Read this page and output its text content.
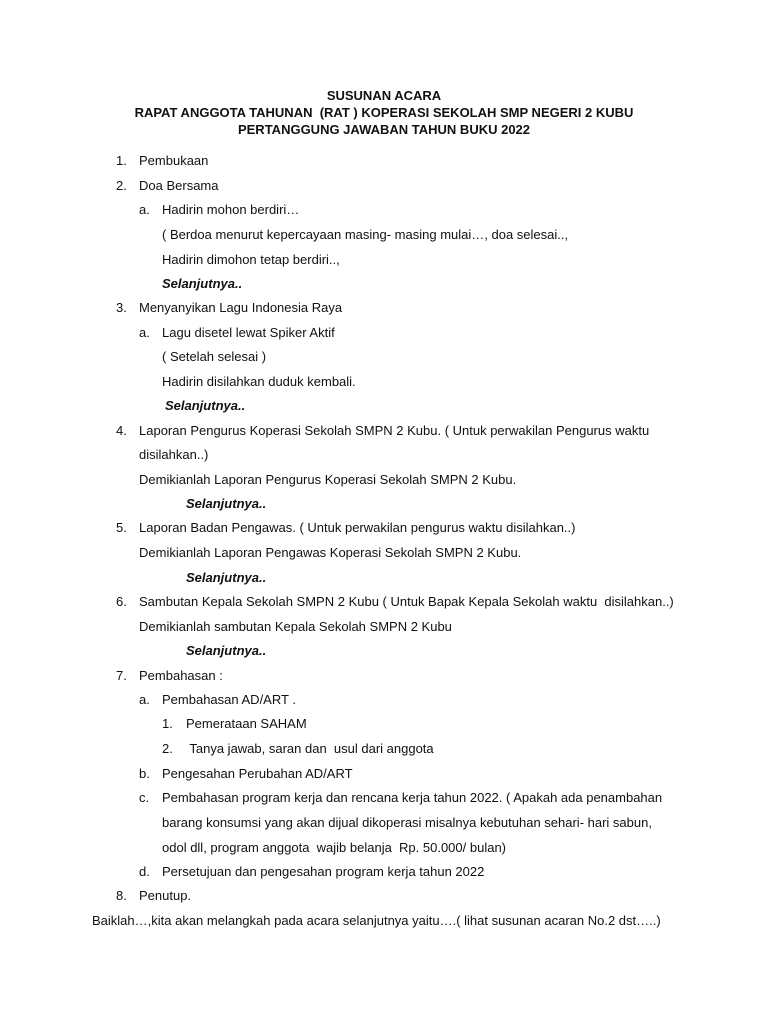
SUSUNAN ACARA
RAPAT ANGGOTA TAHUNAN  (RAT ) KOPERASI SEKOLAH SMP NEGERI 2 KUBU
PERTANGGUNG JAWABAN TAHUN BUKU 2022
1. Pembukaan
2. Doa Bersama
a. Hadirin mohon berdiri…
( Berdoa menurut kepercayaan masing- masing mulai…, doa selesai..,
Hadirin dimohon tetap berdiri..,
Selanjutnya..
3. Menyanyikan Lagu Indonesia Raya
a. Lagu disetel lewat Spiker Aktif
( Setelah selesai )
Hadirin disilahkan duduk kembali.
Selanjutnya..
4. Laporan Pengurus Koperasi Sekolah SMPN 2 Kubu. ( Untuk perwakilan Pengurus waktu
disilahkan..)
Demikianlah Laporan Pengurus Koperasi Sekolah SMPN 2 Kubu.
Selanjutnya..
5. Laporan Badan Pengawas. ( Untuk perwakilan pengurus waktu disilahkan..)
Demikianlah Laporan Pengawas Koperasi Sekolah SMPN 2 Kubu.
Selanjutnya..
6. Sambutan Kepala Sekolah SMPN 2 Kubu ( Untuk Bapak Kepala Sekolah waktu  disilahkan..)
Demikianlah sambutan Kepala Sekolah SMPN 2 Kubu
Selanjutnya..
7. Pembahasan :
a. Pembahasan AD/ART .
1. Pemerataan SAHAM
2. Tanya jawab, saran dan  usul dari anggota
b. Pengesahan Perubahan AD/ART
c. Pembahasan program kerja dan rencana kerja tahun 2022. ( Apakah ada penambahan
barang konsumsi yang akan dijual dikoperasi misalnya kebutuhan sehari- hari sabun,
odol dll, program anggota  wajib belanja  Rp. 50.000/ bulan)
d. Persetujuan dan pengesahan program kerja tahun 2022
8. Penutup.
Baiklah…,kita akan melangkah pada acara selanjutnya yaitu….( lihat susunan acaran No.2 dst…..)
